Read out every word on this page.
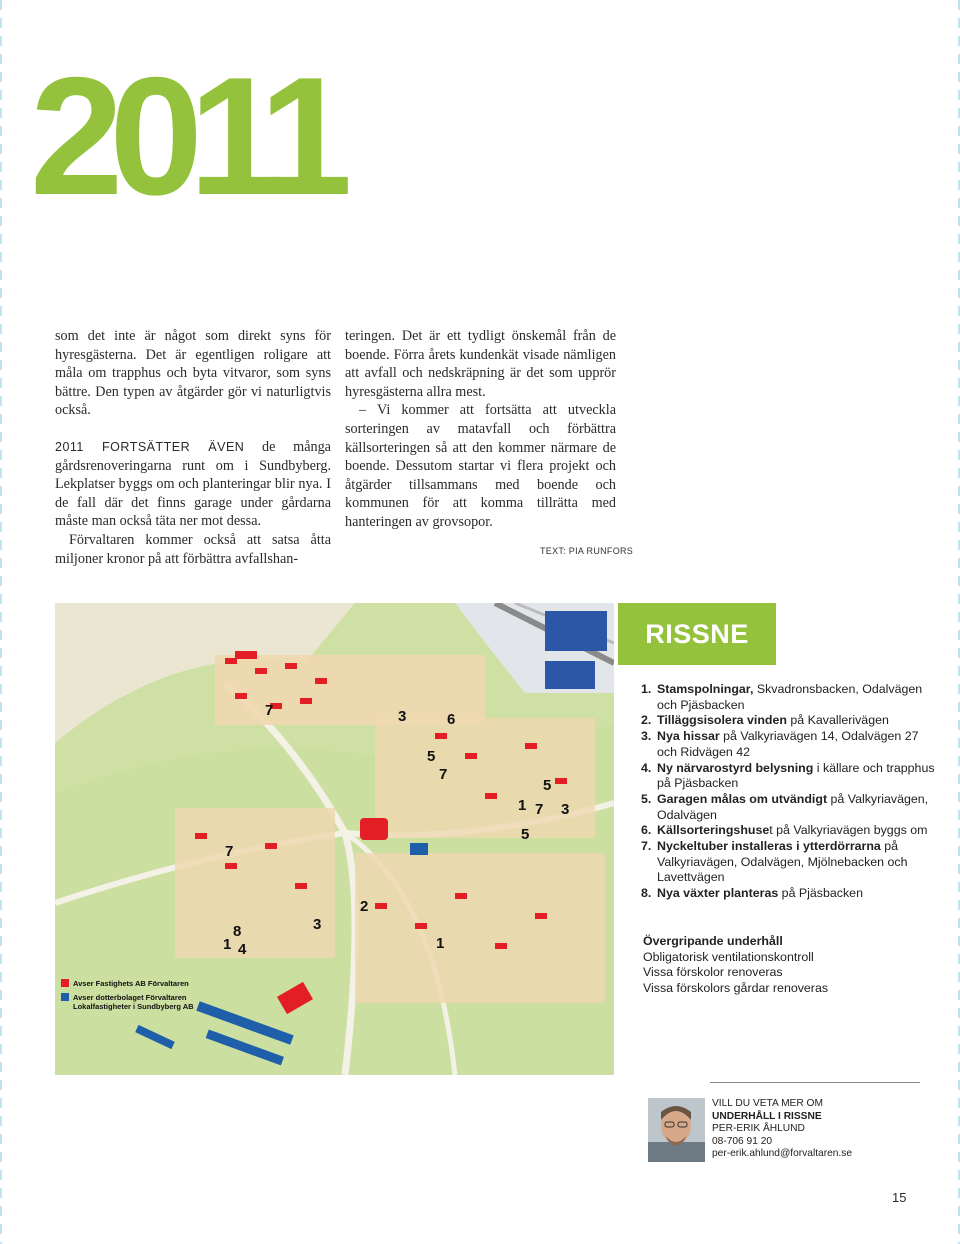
2011

som det inte är något som direkt syns för hyresgästerna. Det är egentligen roligare att måla om trapphus och byta vitvaror, som syns bättre. Den typen av åtgärder gör vi naturligtvis också.

2011 FORTSÄTTER ÄVEN de många gårdsrenoveringarna runt om i Sundbyberg. Lekplatser byggs om och planteringar blir nya. I de fall där det finns garage under gårdarna måste man också täta ner mot dessa.

Förvaltaren kommer också att satsa åtta miljoner kronor på att förbättra avfallshan-

teringen. Det är ett tydligt önskemål från de boende. Förra årets kundenkät visade nämligen att avfall och nedskräpning är det som upprör hyresgästerna allra mest.

– Vi kommer att fortsätta att utveckla sorteringen av matavfall och förbättra källsorteringen så att den kommer närmare de boende. Dessutom startar vi flera projekt och åtgärder tillsammans med boende och kommunen för att komma tillrätta med hanteringen av grovsopor.

TEXT: PIA RUNFORS
Avser Fastighets AB Förvaltaren
Avser dotterbolaget Förvaltaren Lokalfastigheter i Sundbyberg AB
7	3	6
5
7
5
1 7 3
5
7
2
3
8
1 4	1
RISSNE
1. Stamspolningar, Skvadronsbacken, Odalvägen och Pjäsbacken
2. Tilläggsisolera vinden på Kavallerivägen
3. Nya hissar på Valkyriavägen 14, Odalvägen 27 och Ridvägen 42
4. Ny närvarostyrd belysning i källare och trapphus på Pjäsbacken
5. Garagen målas om utvändigt på Valkyriavägen, Odalvägen
6. Källsorteringshuset på Valkyriavägen byggs om
7. Nyckeltuber installeras i ytterdörrarna på Valkyriavägen, Odalvägen, Mjölnebacken och Lavettvägen
8. Nya växter planteras på Pjäsbacken
Övergripande underhåll
Obligatorisk ventilationskontroll
Vissa förskolor renoveras
Vissa förskolors gårdar renoveras
VILL DU VETA MER OM
UNDERHÅLL I RISSNE
PER-ERIK ÅHLUND
08-706 91 20
per-erik.ahlund@forvaltaren.se
15
